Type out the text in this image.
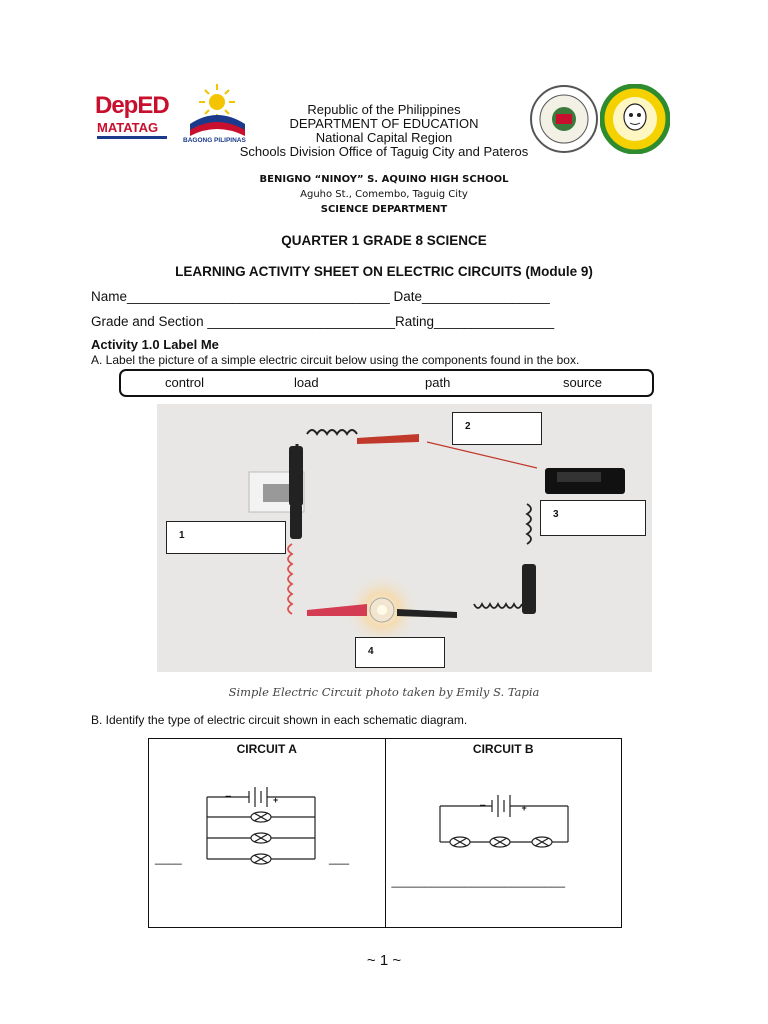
DepED
MATATAG
BAGONG PILIPINAS
Republic of the Philippines
DEPARTMENT OF EDUCATION
National Capital Region
Schools Division Office of Taguig City and Pateros
BENIGNO “NINOY” S. AQUINO HIGH SCHOOL
Aguho St., Comembo, Taguig City
SCIENCE DEPARTMENT
QUARTER 1 GRADE 8 SCIENCE
LEARNING ACTIVITY SHEET ON ELECTRIC CIRCUITS (Module 9)
Name___________________________________ Date_________________
Grade and Section _________________________Rating________________
Activity 1.0 Label Me
A. Label the picture of a simple electric circuit below using the components found in the box.
control	load	path	source
1
2
3
4
Simple Electric Circuit photo taken by Emily S. Tapia
B. Identify the type of electric circuit shown in each schematic diagram.
CIRCUIT A
−	+
____	___

CIRCUIT B
−	+
__________________________
~ 1 ~
